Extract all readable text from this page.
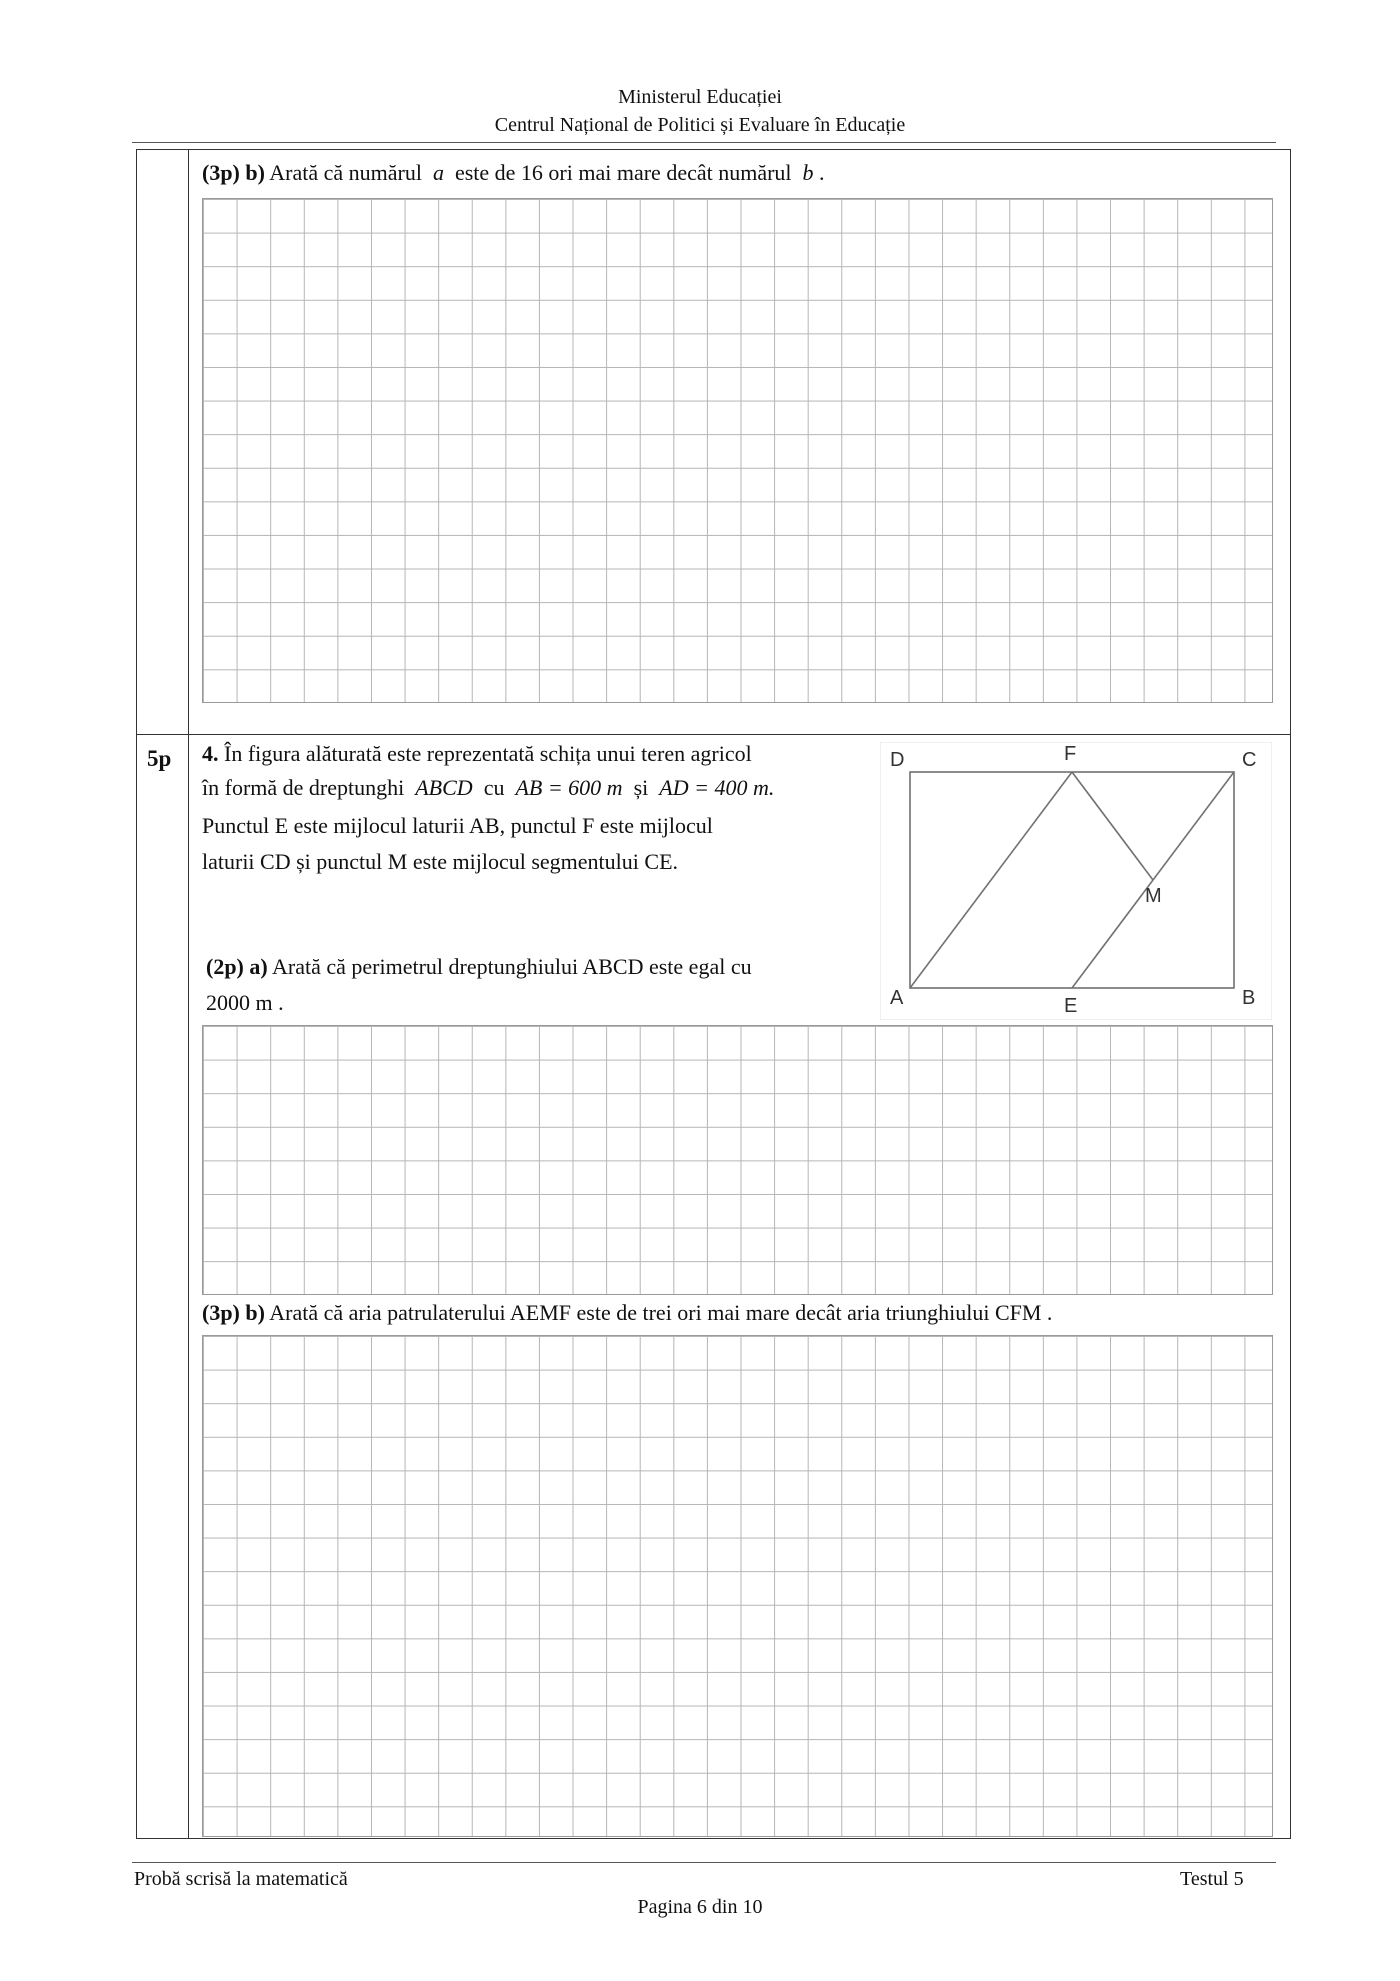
Ministerul Educației
Centrul Național de Politici și Evaluare în Educație
(3p) b) Arată că numărul a este de 16 ori mai mare decât numărul b .
5p 4. În figura alăturată este reprezentată schița unui teren agricol
în formă de dreptunghi ABCD cu AB = 600 m și AD = 400 m.
Punctul E este mijlocul laturii AB, punctul F este mijlocul
laturii CD și punctul M este mijlocul segmentului CE.
(2p) a) Arată că perimetrul dreptunghiului ABCD este egal cu
2000 m .
D	F	C
M
A	E	B
(3p) b) Arată că aria patrulaterului AEMF este de trei ori mai mare decât aria triunghiului CFM .
Probă scrisă la matematică	Testul 5
Pagina 6 din 10
